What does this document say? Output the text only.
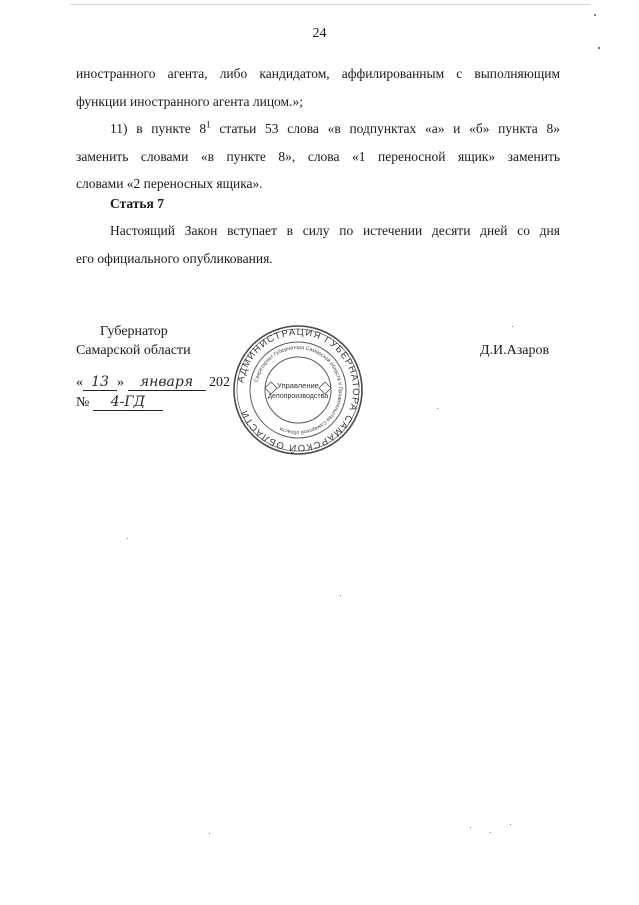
24
иностранного агента, либо кандидатом, аффилированным с выполняющим
функции иностранного агента лицом.»;
11) в пункте $8^1$ статьи 53 слова «в подпунктах «а» и «б» пункта 8»
заменить словами «в пункте 8», слова «1 переносной ящик» заменить
словами «2 переносных ящика».
Статья 7
Настоящий Закон вступает в силу по истечении десяти дней со дня
его официального опубликования.
Губернатор
Самарской области	Д.И.Азаров
« 13 » января 202
№ 4-ГД
АДМИНИСТРАЦИЯ ГУБЕРНАТОРА САМАРСКОЙ ОБЛАСТИ
Секретариат Губернатора Самарской области и Правительства Самарской области
Управление
делопроизводства
